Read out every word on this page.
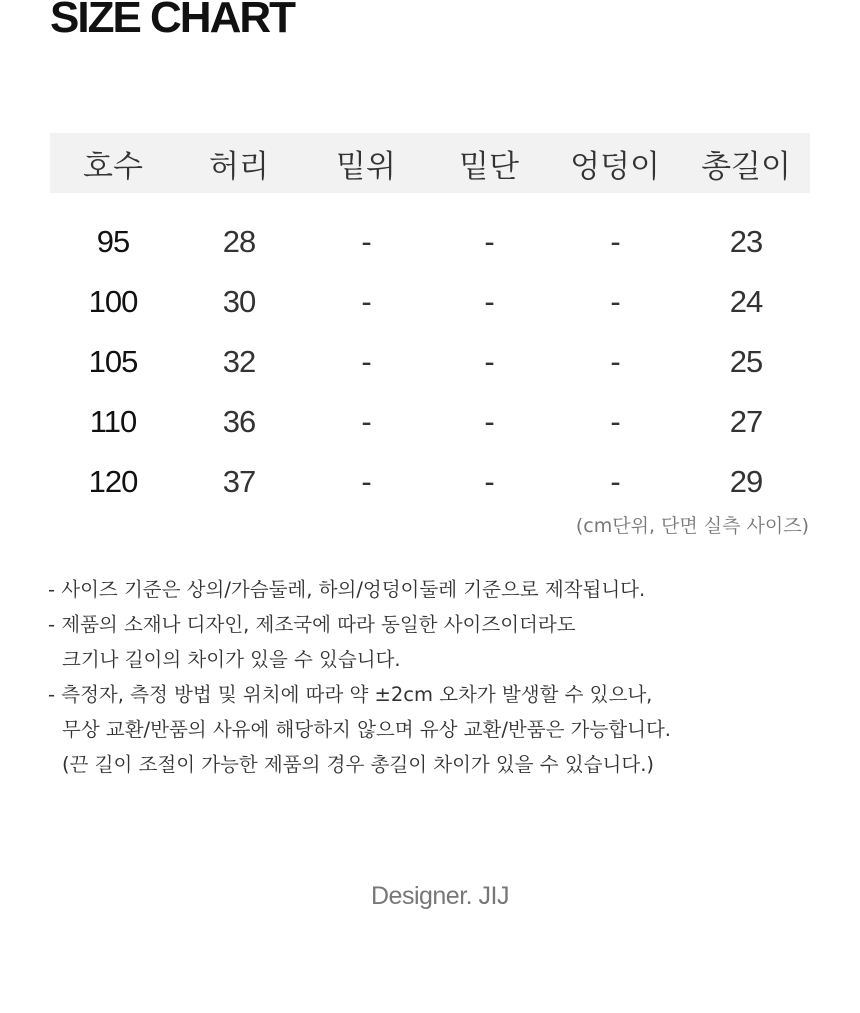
SIZE CHART
호수	허리	밑위	밑단	엉덩이	총길이
95	28	-	-	-	23
100	30	-	-	-	24
105	32	-	-	-	25
110	36	-	-	-	27
120	37	-	-	-	29
(cm단위, 단면 실측 사이즈)
- 사이즈 기준은 상의/가슴둘레, 하의/엉덩이둘레 기준으로 제작됩니다.
- 제품의 소재나 디자인, 제조국에 따라 동일한 사이즈이더라도
크기나 길이의 차이가 있을 수 있습니다.
- 측정자, 측정 방법 및 위치에 따라 약 ±2cm 오차가 발생할 수 있으나,
무상 교환/반품의 사유에 해당하지 않으며 유상 교환/반품은 가능합니다.
(끈 길이 조절이 가능한 제품의 경우 총길이 차이가 있을 수 있습니다.)
Designer. JIJ
